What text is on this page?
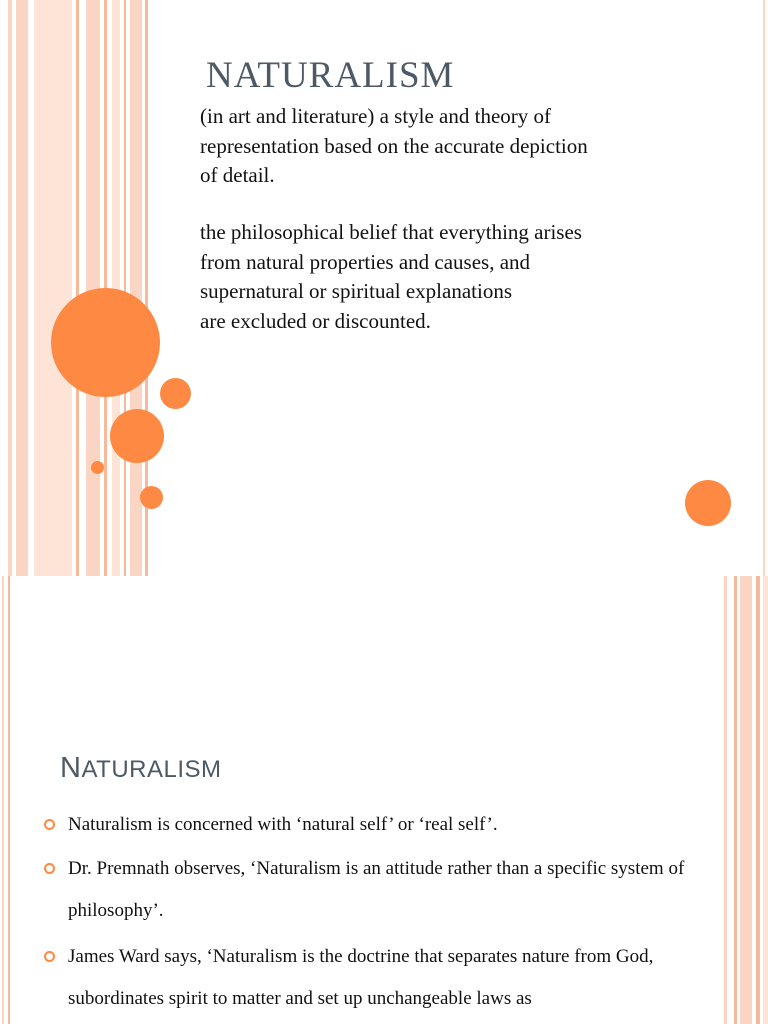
NATURALISM

(in art and literature) a style and theory of
representation based on the accurate depiction
of detail.

the philosophical belief that everything arises
from natural properties and causes, and
supernatural or spiritual explanations
are excluded or discounted.

NATURALISM
Naturalism is concerned with ‘natural self’ or ‘real self’.
Dr. Premnath observes, ‘Naturalism is an attitude rather than a specific system of philosophy’.
James Ward says, ‘Naturalism is the doctrine that separates nature from God, subordinates spirit to matter and set up unchangeable laws as
